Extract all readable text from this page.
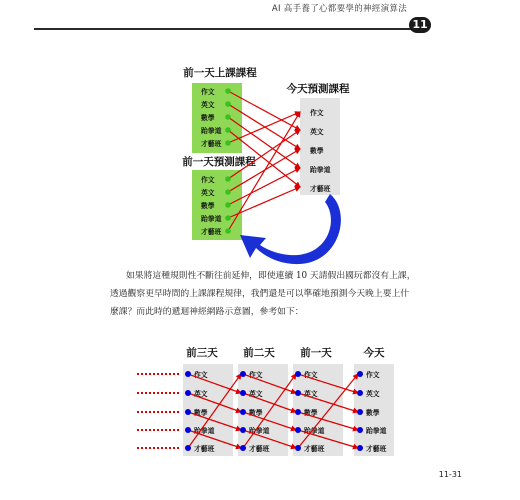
AI 高手養了心都要學的神經演算法
11
前一天上課課程
前一天預測課程
今天預測課程
作文
英文
數學
跆拳道
才藝班
作文
英文
數學
跆拳道
才藝班
作文
英文
數學
跆拳道
才藝班
前三天 前二天 前一天	今天
作文
英文
數學
跆拳道
才藝班
作文
英文
數學
跆拳道
才藝班
作文
英文
數學
跆拳道
才藝班
作文
英文
數學
跆拳道
才藝班
如果將這種規則性不斷往前延伸，即使連續 10 天請假出國玩都沒有上課，
透過觀察更早時間的上課課程規律，我們還是可以準確地預測今天晚上要上什
麼課？而此時的遞迴神經網路示意圖，參考如下：
11-31
